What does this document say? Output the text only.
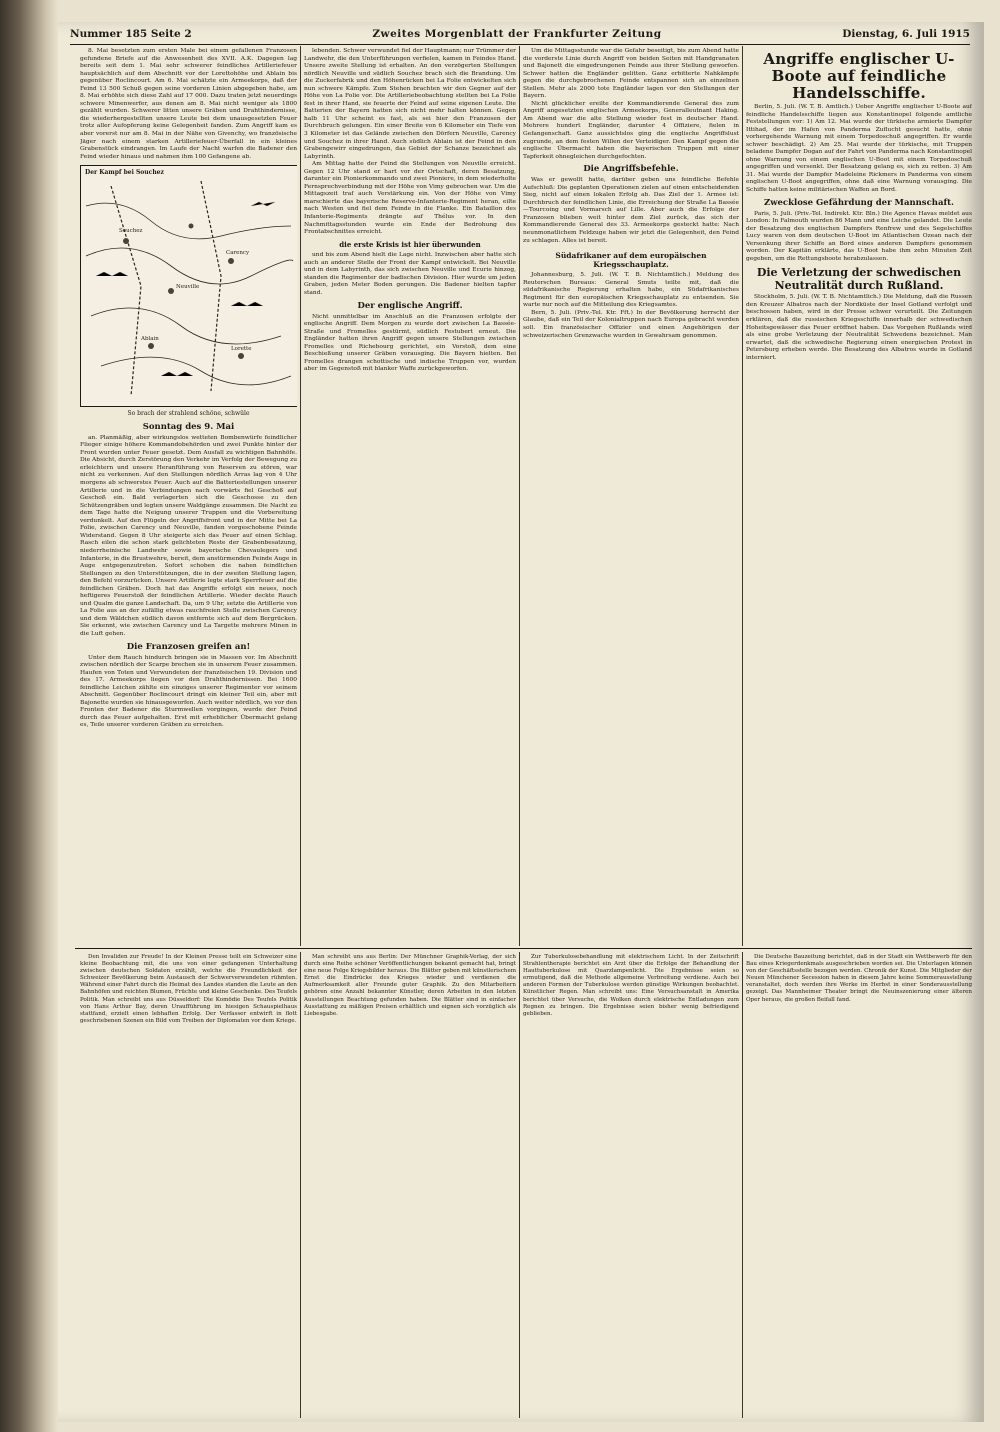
Nummer 185 Seite 2	Zweites Morgenblatt der Frankfurter Zeitung	Dienstag, 6. Juli 1915

8. Mai besetzten zum ersten Male bei einem gefallenen Franzosen gefundene Briefe auf die Anwesenheit des XVII. A.K. Dagegen lag bereits seit dem 1. Mai sehr schwerer feindliches Artilleriefeuer hauptsächlich auf dem Abschnitt vor der Lorettohöhe und Ablain bis gegenüber Roclincourt. Am 6. Mai schätzte ein Armeekorps, daß der Feind 13 500 Schuß gegen seine vorderen Linien abgegeben habe, am 8. Mai erhöhte sich diese Zahl auf 17 000. Dazu traten jetzt neuerdings schwere Minenwerfer, aus denen am 8. Mai nicht weniger als 1800 gezählt wurden. Schwerer litten unsere Gräben und Drahthindernisse, die wiederhergestellten unsere Leute bei dem unausgesetzten Feuer trotz aller Aufopferung keine Gelegenheit fanden. Zum Angriff kam es aber vorerst nur am 8. Mai in der Nähe von Givenchy, wo französische Jäger nach einem starken Artilleriefeuer-Überfall in ein kleines Grabenstück eindrangen. Im Laufe der Nacht warfen die Badener den Feind wieder hinaus und nahmen ihm 100 Gefangene ab.

Der Kampf bei Souchez
Souchez
Neuville
Carency
Ablain
Lorette
So brach der strahlend schöne, schwüle
Sonntag des 9. Mai

an. Planmäßig, aber wirkungslos wetteten Bombenwürfe feindlicher Flieger einige höhere Kommandobehörden und zwei Punkte hinter der Front wurden unter Feuer gesetzt. Dem Ausfall zu wichtigen Bahnhöfe. Die Absicht, durch Zerstörung den Verkehr im Verfolg der Bewegung zu erleichtern und unsere Heranführung von Reserven zu stören, war nicht zu verkennen. Auf den Stellungen nördlich Arras lag von 4 Uhr morgens ab schwerstes Feuer. Auch auf die Batteriestellungen unserer Artillerie und in die Verbindungen nach vorwärts fiel Geschoß auf Geschoß ein. Bald verlagerten sich die Geschosse zu den Schützengräben und legten unsere Waldgänge zusammen. Die Nacht zu dem Tage hatte die Neigung unserer Truppen und die Vorbereitung verdunkelt. Auf den Flügeln der Angriffsfront und in der Mitte bei La Folie, zwischen Carency und Neuville, fanden vorgeschobene Feinde Widerstand. Gegen 8 Uhr steigerte sich das Feuer auf einen Schlag. Rasch eilen die schon stark gelichteten Reste der Grabenbesatzung, niederrheinische Landwehr sowie bayerische Chevaulegers und Infanterie, in die Brustwehre, bereit, dem anstürmenden Feinde Auge in Auge entgegenzutreten. Sofort schoben die nahen feindlichen Stellungen zu den Unterstützungen, die in der zweiten Stellung lagen, den Befehl vorzurücken. Unsere Artillerie legte stark Sperrfeuer auf die feindlichen Gräben. Doch hat das Angriffe erfolgt ein neues, noch heftigeres Feuerstoß der feindlichen Artillerie. Wieder deckte Rauch und Qualm die ganze Landschaft. Da, um 9 Uhr, setzte die Artillerie von La Folie aus an der zufällig etwas rauchfreien Stelle zwischen Carency und dem Wäldchen südlich davon entfernte sich auf dem Bergrücken. Sie erkennt, wie zwischen Carency und La Targette mehrere Minen in die Luft gehen.

Die Franzosen greifen an!

Unter dem Rauch hindurch bringen sie in Massen vor. Im Abschnitt zwischen nördlich der Scarpe brechen sie in unserem Feuer zusammen. Haufen von Toten und Verwundeten der französischen 19. Division und des 17. Armeekorps liegen vor den Drahthindernissen. Bei 1600 feindliche Leichen zählte ein einziges unserer Regimenter vor seinem Abschnitt. Gegenüber Roclincourt dringt ein kleiner Teil ein, aber mit Bajonette wurden sie hinausgeworfen. Auch weiter nördlich, wo vor den Fronten der Badener die Sturmwellen vorgingen, wurde der Feind durch das Feuer aufgehalten. Erst mit erheblicher Übermacht gelang es, Teile unserer vorderen Gräben zu erreichen.

lebenden. Schwer verwundet fiel der Hauptmann; nur Trümmer der Landwehr, die den Unterführungen verfielen, kamen in Feindes Hand. Unsere zweite Stellung ist erhalten. An den verzögerten Stellungen nördlich Neuville und südlich Souchez brach sich die Brandung. Um die Zuckerfabrik und den Höhenrücken bei La Folie entwickelten sich nun schwere Kämpfe. Zum Stehen brachten wir den Gegner auf der Höhe von La Folie vor. Die Artilleriebeobachtung stellten bei La Folie fest in ihrer Hand, sie feuerte der Feind auf seine eigenen Leute. Die Batterien der Bayern hatten sich nicht mehr halten können. Gegen halb 11 Uhr scheint es fast, als sei hier den Franzosen der Durchbruch gelungen. Ein einer Breite von 6 Kilometer ein Tiefe von 3 Kilometer ist das Gelände zwischen den Dörfern Neuville, Carency und Souchez in ihrer Hand. Auch südlich Ablain ist der Feind in den Grabengewirr eingedrungen, das Gebiet der Schanze bezeichnet als Labyrinth.

Am Mittag hatte der Feind die Stellungen von Neuville erreicht. Gegen 12 Uhr stand er hart vor der Ortschaft, deren Besatzung, darunter ein Pionierkommando und zwei Pioniere, in dem wiederholte Fernsprechverbindung mit der Höhe von Vimy gebrochen war. Um die Mittagszeit traf auch Verstärkung ein. Von der Höhe von Vimy marschierte das bayerische Reserve-Infanterie-Regiment heran, eilte nach Westen und fiel dem Feinde in die Flanke. Ein Bataillon des Infanterie-Regiments drängte auf Thélus vor. In den Nachmittagsstunden wurde ein Ende der Bedrohung des Frontabschnittes erreicht.

die erste Krisis ist hier überwunden

und bis zum Abend hielt die Lage nicht. Inzwischen aber hatte sich auch an anderer Stelle der Front der Kampf entwickelt. Bei Neuville und in dem Labyrinth, das sich zwischen Neuville und Ecurie hinzog, standen die Regimenter der badischen Division. Hier wurde um jeden Graben, jeden Meter Boden gerungen. Die Badener hielten tapfer stand.

Der englische Angriff.

Nicht unmittelbar im Anschluß an die Franzosen erfolgte der englische Angriff. Dem Morgen zu wurde dort zwischen La Bassée-Straße und Fromelles gestürmt, südlich Festubert erneut. Die Engländer hatten ihren Angriff gegen unsere Stellungen zwischen Fromelles und Richebourg gerichtet, ein Vorstoß, dem eine Beschießung unserer Gräben vorausging. Die Bayern hielten. Bei Fromelles drangen schottische und indische Truppen vor, wurden aber im Gegenstoß mit blanker Waffe zurückgeworfen.

Um die Mittagsstunde war die Gefahr beseitigt, bis zum Abend hatte die vorderste Linie durch Angriff von beiden Seiten mit Handgranaten und Bajonett die eingedrungenen Feinde aus ihrer Stellung geworfen. Schwer hatten die Engländer gelitten. Ganz erbitterte Nahkämpfe gegen die durchgebrochenen Feinde entspannen sich an einzelnen Stellen. Mehr als 2000 tote Engländer lagen vor den Stellungen der Bayern.

Nicht glücklicher ereilte der Kommandierende General des zum Angriff angesetzten englischen Armeekorps, Generalleutnant Haking. Am Abend war die alte Stellung wieder fest in deutscher Hand. Mehrere hundert Engländer, darunter 4 Offiziere, fielen in Gefangenschaft. Ganz aussichtslos ging die englische Angriffslust zugrunde, an dem festen Willen der Verteidiger. Den Kampf gegen die englische Übermacht haben die bayerischen Truppen mit einer Tapferkeit ohnegleichen durchgefochten.

Die Angriffsbefehle.

Was er gewollt hatte, darüber geben uns feindliche Befehle Aufschluß: Die geplanten Operationen zielen auf einen entscheidenden Sieg, nicht auf einen lokalen Erfolg ab. Das Ziel der 1. Armee ist: Durchbruch der feindlichen Linie, die Erreichung der Straße La Bassée—Tourcoing und Vormarsch auf Lille. Aber auch die Erfolge der Franzosen blieben weit hinter dem Ziel zurück, das sich der Kommandierende General des 33. Armeekorps gesteckt hatte: Nach neunmonatlichem Feldzuge haben wir jetzt die Gelegenheit, den Feind zu schlagen. Alles ist bereit.

Südafrikaner auf dem europäischen Kriegsschauplatz.

Johannesburg, 5. Juli. (W. T. B. Nichtamtlich.) Meldung des Reuterschen Bureaus: General Smuts teilte mit, daß die südafrikanische Regierung erhalten habe, ein Südafrikanisches Regiment für den europäischen Kriegsschauplatz zu entsenden. Sie warte nur noch auf die Mitteilung des Kriegsamtes.

Bern, 5. Juli. (Priv.-Tel. Ktr. Fft.) In der Bevölkerung herrscht der Glaube, daß ein Teil der Kolonialtruppen nach Europa gebracht werden soll. Ein französischer Offizier und einen Angehörigen der schweizerischen Grenzwache wurden in Gewahrsam genommen.

Angriffe englischer U-Boote auf feindliche Handelsschiffe.

Berlin, 5. Juli. (W. T. B. Amtlich.) Ueber Angriffe englischer U-Boote auf feindliche Handelsschiffe liegen aus Konstantinopel folgende amtliche Feststellungen vor: 1) Am 12. Mai wurde der türkische armierte Dampfer Ittihad, der im Hafen von Panderma Zuflucht gesucht hatte, ohne vorhergehende Warnung mit einem Torpedoschuß angegriffen. Er wurde schwer beschädigt. 2) Am 25. Mai wurde der türkische, mit Truppen beladene Dampfer Dogan auf der Fahrt von Panderma nach Konstantinopel ohne Warnung von einem englischen U-Boot mit einem Torpedoschuß angegriffen und versenkt. Der Besatzung gelang es, sich zu retten. 3) Am 31. Mai wurde der Dampfer Madeleine Rickmers in Panderma von einem englischen U-Boot angegriffen, ohne daß eine Warnung vorausging. Die Schiffe hatten keine militärischen Waffen an Bord.

Zwecklose Gefährdung der Mannschaft.

Paris, 5. Juli. (Priv.-Tel. Indirekt. Ktr. Bln.) Die Agence Havas meldet aus London: In Falmouth wurden 86 Mann und eine Leiche gelandet. Die Leute der Besatzung des englischen Dampfers Renfrew und des Segelschiffes Lucy waren von dem deutschen U-Boot im Atlantischen Ozean nach der Versenkung ihrer Schiffe an Bord eines anderen Dampfers genommen worden. Der Kapitän erklärte, das U-Boot habe ihm zehn Minuten Zeit gegeben, um die Rettungsboote herabzulassen.

Die Verletzung der schwedischen Neutralität durch Rußland.

Stockholm, 5. Juli. (W. T. B. Nichtamtlich.) Die Meldung, daß die Russen den Kreuzer Albatros nach der Nordküste der Insel Gotland verfolgt und beschossen haben, wird in der Presse schwer verurteilt. Die Zeitungen erklären, daß die russischen Kriegsschiffe innerhalb der schwedischen Hoheitsgewässer das Feuer eröffnet haben. Das Vorgehen Rußlands wird als eine grobe Verletzung der Neutralität Schwedens bezeichnet. Man erwartet, daß die schwedische Regierung einen energischen Protest in Petersburg erheben werde. Die Besatzung des Albatros wurde in Gotland interniert.

Den Invaliden zur Freude! In der Kleinen Presse teilt ein Schweizer eine kleine Beobachtung mit, die uns von einer gefangenen Unterhaltung zwischen deutschen Soldaten erzählt, welche die Freundlichkeit der Schweizer Bevölkerung beim Austausch der Schwerverwundeten rühmten. Während einer Fahrt durch die Heimat des Landes standen die Leute an den Bahnhöfen und reichten Blumen, Früchte und kleine Geschenke. Des Teufels Politik. Man schreibt uns aus Düsseldorf: Die Komödie Des Teufels Politik von Hans Arthur Bay, deren Uraufführung im hiesigen Schauspielhaus stattfand, erzielt einen lebhaften Erfolg. Der Verfasser entwirft in flott geschriebenen Szenen ein Bild vom Treiben der Diplomaten vor dem Kriege.

Man schreibt uns aus Berlin: Der Münchner Graphik-Verlag, der sich durch eine Reihe schöner Veröffentlichungen bekannt gemacht hat, bringt eine neue Folge Kriegsbilder heraus. Die Blätter geben mit künstlerischem Ernst die Eindrücke des Krieges wieder und verdienen die Aufmerksamkeit aller Freunde guter Graphik. Zu den Mitarbeitern gehören eine Anzahl bekannter Künstler, deren Arbeiten in den letzten Ausstellungen Beachtung gefunden haben. Die Blätter sind in einfacher Ausstattung zu mäßigen Preisen erhältlich und eignen sich vorzüglich als Liebesgabe.

Zur Tuberkulosebehandlung mit elektrischem Licht. In der Zeitschrift Strahlentherapie berichtet ein Arzt über die Erfolge der Behandlung der Hauttuberkulose mit Quarzlampenlicht. Die Ergebnisse seien so ermutigend, daß die Methode allgemeine Verbreitung verdiene. Auch bei anderen Formen der Tuberkulose werden günstige Wirkungen beobachtet. Künstlicher Regen. Man schreibt uns: Eine Versuchsanstalt in Amerika berichtet über Versuche, die Wolken durch elektrische Entladungen zum Regnen zu bringen. Die Ergebnisse seien bisher wenig befriedigend geblieben.

Die Deutsche Bauzeitung berichtet, daß in der Stadt ein Wettbewerb für den Bau eines Kriegerdenkmals ausgeschrieben worden sei. Die Unterlagen können von der Geschäftsstelle bezogen werden. Chronik der Kunst. Die Mitglieder der Neuen Münchener Secession haben in diesem Jahre keine Sommerausstellung veranstaltet, doch werden ihre Werke im Herbst in einer Sonderausstellung gezeigt. Das Mannheimer Theater bringt die Neuinszenierung einer älteren Oper heraus, die großen Beifall fand.
